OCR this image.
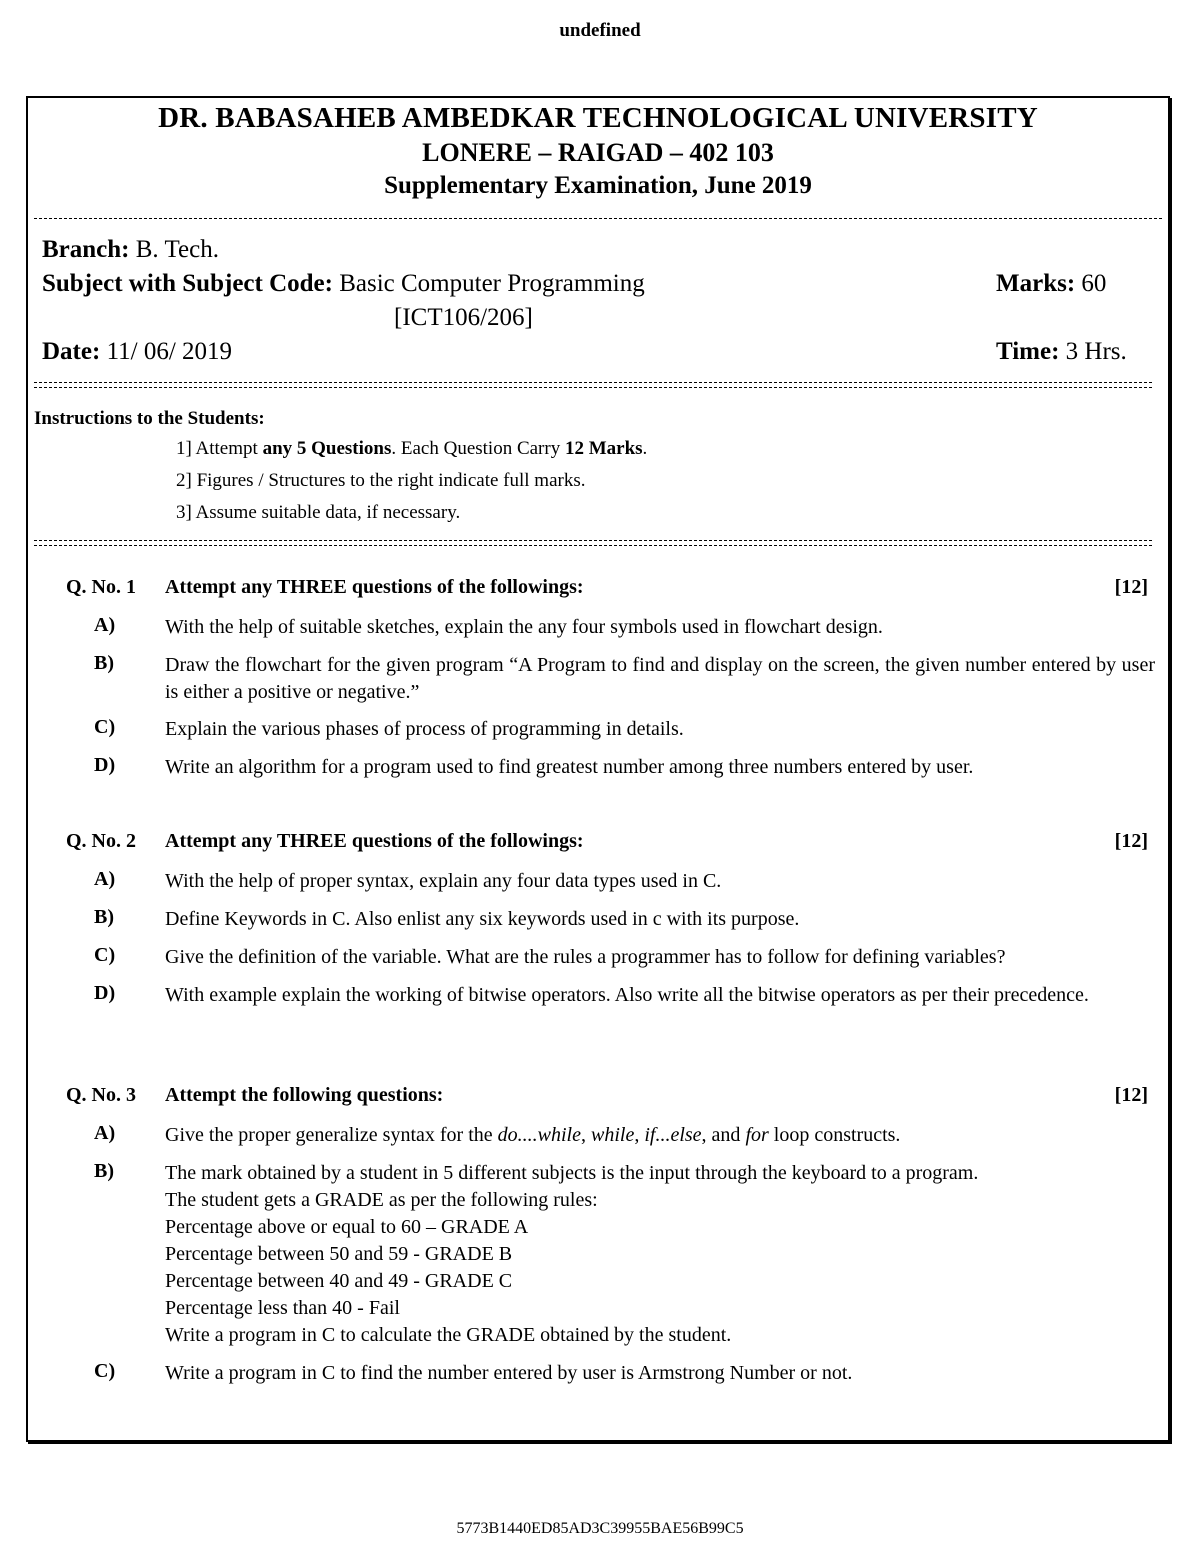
undefined
DR. BABASAHEB AMBEDKAR TECHNOLOGICAL UNIVERSITY
LONERE – RAIGAD – 402 103
Supplementary Examination, June 2019
Branch: B. Tech.
Subject with Subject Code: Basic Computer Programming
[ICT106/206]
Marks: 60
Date: 11/ 06/ 2019	Time: 3 Hrs.
Instructions to the Students:
1] Attempt any 5 Questions. Each Question Carry 12 Marks.
2] Figures / Structures to the right indicate full marks.
3] Assume suitable data, if necessary.
Q. No. 1 Attempt any THREE questions of the followings:	[12]
A) With the help of suitable sketches, explain the any four symbols used in flowchart design.
B)	Draw the flowchart for the given program “A Program to find and display on the screen, the given number entered by user is either a positive or negative.”
C) Explain the various phases of process of programming in details.
D) Write an algorithm for a program used to find greatest number among three numbers entered by user.
Q. No. 2 Attempt any THREE questions of the followings:	[12]
A) With the help of proper syntax, explain any four data types used in C.
B)	Define Keywords in C. Also enlist any six keywords used in c with its purpose.
C) Give the definition of the variable. What are the rules a programmer has to follow for defining variables?
D) With example explain the working of bitwise operators. Also write all the bitwise operators as per their precedence.
Q. No. 3 Attempt the following questions:	[12]
A) Give the proper generalize syntax for the do....while, while, if...else, and for loop constructs.
B)	The mark obtained by a student in 5 different subjects is the input through the keyboard to a program.
The student gets a GRADE as per the following rules:
Percentage above or equal to 60 – GRADE A
Percentage between 50 and 59 - GRADE B
Percentage between 40 and 49 - GRADE C
Percentage less than 40 - Fail
Write a program in C to calculate the GRADE obtained by the student.
C) Write a program in C to find the number entered by user is Armstrong Number or not.
5773B1440ED85AD3C39955BAE56B99C5
